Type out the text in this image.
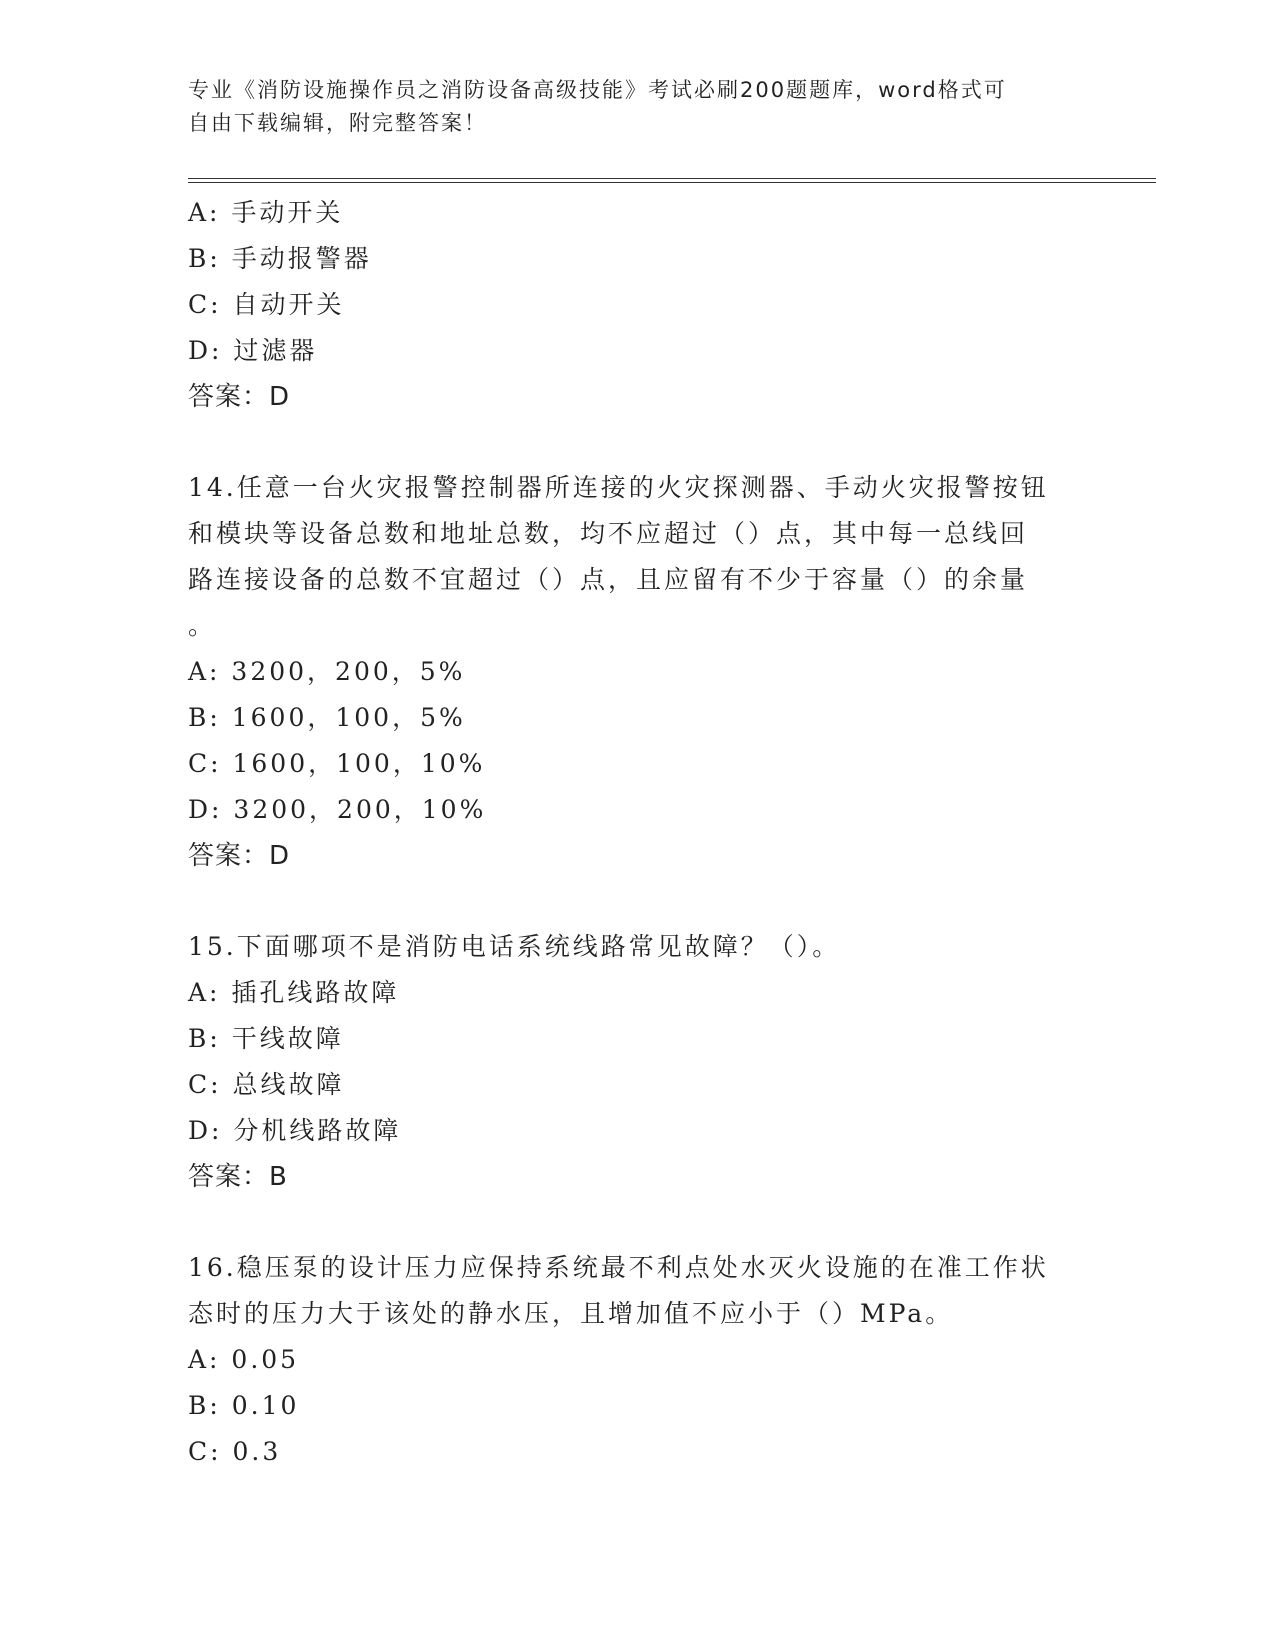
专业《消防设施操作员之消防设备高级技能》考试必刷200题题库，word格式可
自由下载编辑，附完整答案！
A: 手动开关
B: 手动报警器
C: 自动开关
D: 过滤器
答案：D
14.任意一台火灾报警控制器所连接的火灾探测器、手动火灾报警按钮
和模块等设备总数和地址总数，均不应超过（）点，其中每一总线回
路连接设备的总数不宜超过（）点，且应留有不少于容量（）的余量
。
A: 3200，200，5%
B: 1600，100，5%
C: 1600，100，10%
D: 3200，200，10%
答案：D
15.下面哪项不是消防电话系统线路常见故障？（）。
A: 插孔线路故障
B: 干线故障
C: 总线故障
D: 分机线路故障
答案：B
16.稳压泵的设计压力应保持系统最不利点处水灭火设施的在准工作状
态时的压力大于该处的静水压，且增加值不应小于（）MPa。
A: 0.05
B: 0.10
C: 0.3
